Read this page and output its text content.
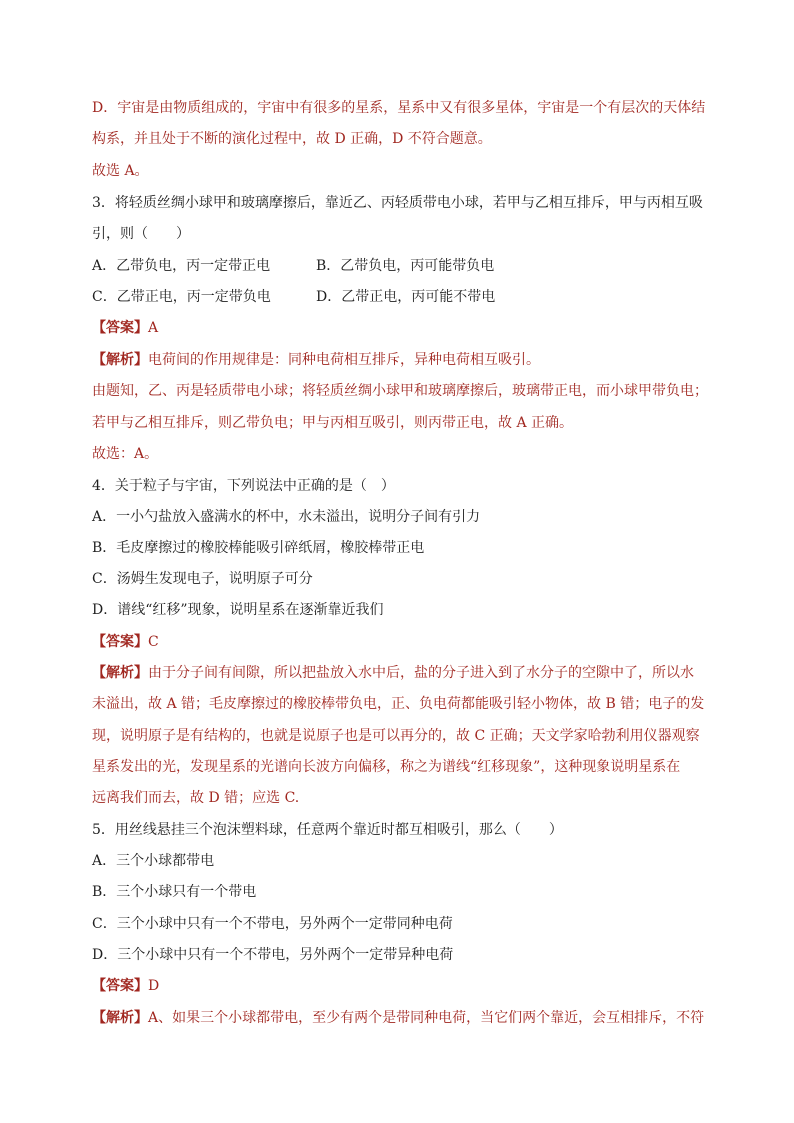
D．宇宙是由物质组成的，宇宙中有很多的星系，星系中又有很多星体，宇宙是一个有层次的天体结
构系，并且处于不断的演化过程中，故 D 正确，D 不符合题意。
故选 A。
3．将轻质丝绸小球甲和玻璃摩擦后，靠近乙、丙轻质带电小球，若甲与乙相互排斥，甲与丙相互吸
引，则（　　）
A．乙带负电，丙一定带正电	B．乙带负电，丙可能带负电
C．乙带正电，丙一定带负电	D．乙带正电，丙可能不带电
【答案】A
【解析】电荷间的作用规律是：同种电荷相互排斥，异种电荷相互吸引。
由题知，乙、丙是轻质带电小球；将轻质丝绸小球甲和玻璃摩擦后，玻璃带正电，而小球甲带负电；
若甲与乙相互排斥，则乙带负电；甲与丙相互吸引，则丙带正电，故 A 正确。
故选：A。
4．关于粒子与宇宙，下列说法中正确的是（　）
A．一小勺盐放入盛满水的杯中，水未溢出，说明分子间有引力
B．毛皮摩擦过的橡胶棒能吸引碎纸屑，橡胶棒带正电
C．汤姆生发现电子，说明原子可分
D．谱线“红移”现象，说明星系在逐渐靠近我们
【答案】C
【解析】由于分子间有间隙，所以把盐放入水中后，盐的分子进入到了水分子的空隙中了，所以水
未溢出，故 A 错；毛皮摩擦过的橡胶棒带负电，正、负电荷都能吸引轻小物体，故 B 错；电子的发
现，说明原子是有结构的，也就是说原子也是可以再分的，故 C 正确；天文学家哈勃利用仪器观察
星系发出的光，发现星系的光谱向长波方向偏移，称之为谱线“红移现象”，这种现象说明星系在
远离我们而去，故 D 错；应选 C.
5．用丝线悬挂三个泡沫塑料球，任意两个靠近时都互相吸引，那么（　　）
A．三个小球都带电
B．三个小球只有一个带电
C．三个小球中只有一个不带电，另外两个一定带同种电荷
D．三个小球中只有一个不带电，另外两个一定带异种电荷
【答案】D
【解析】A、如果三个小球都带电，至少有两个是带同种电荷，当它们两个靠近，会互相排斥，不符
